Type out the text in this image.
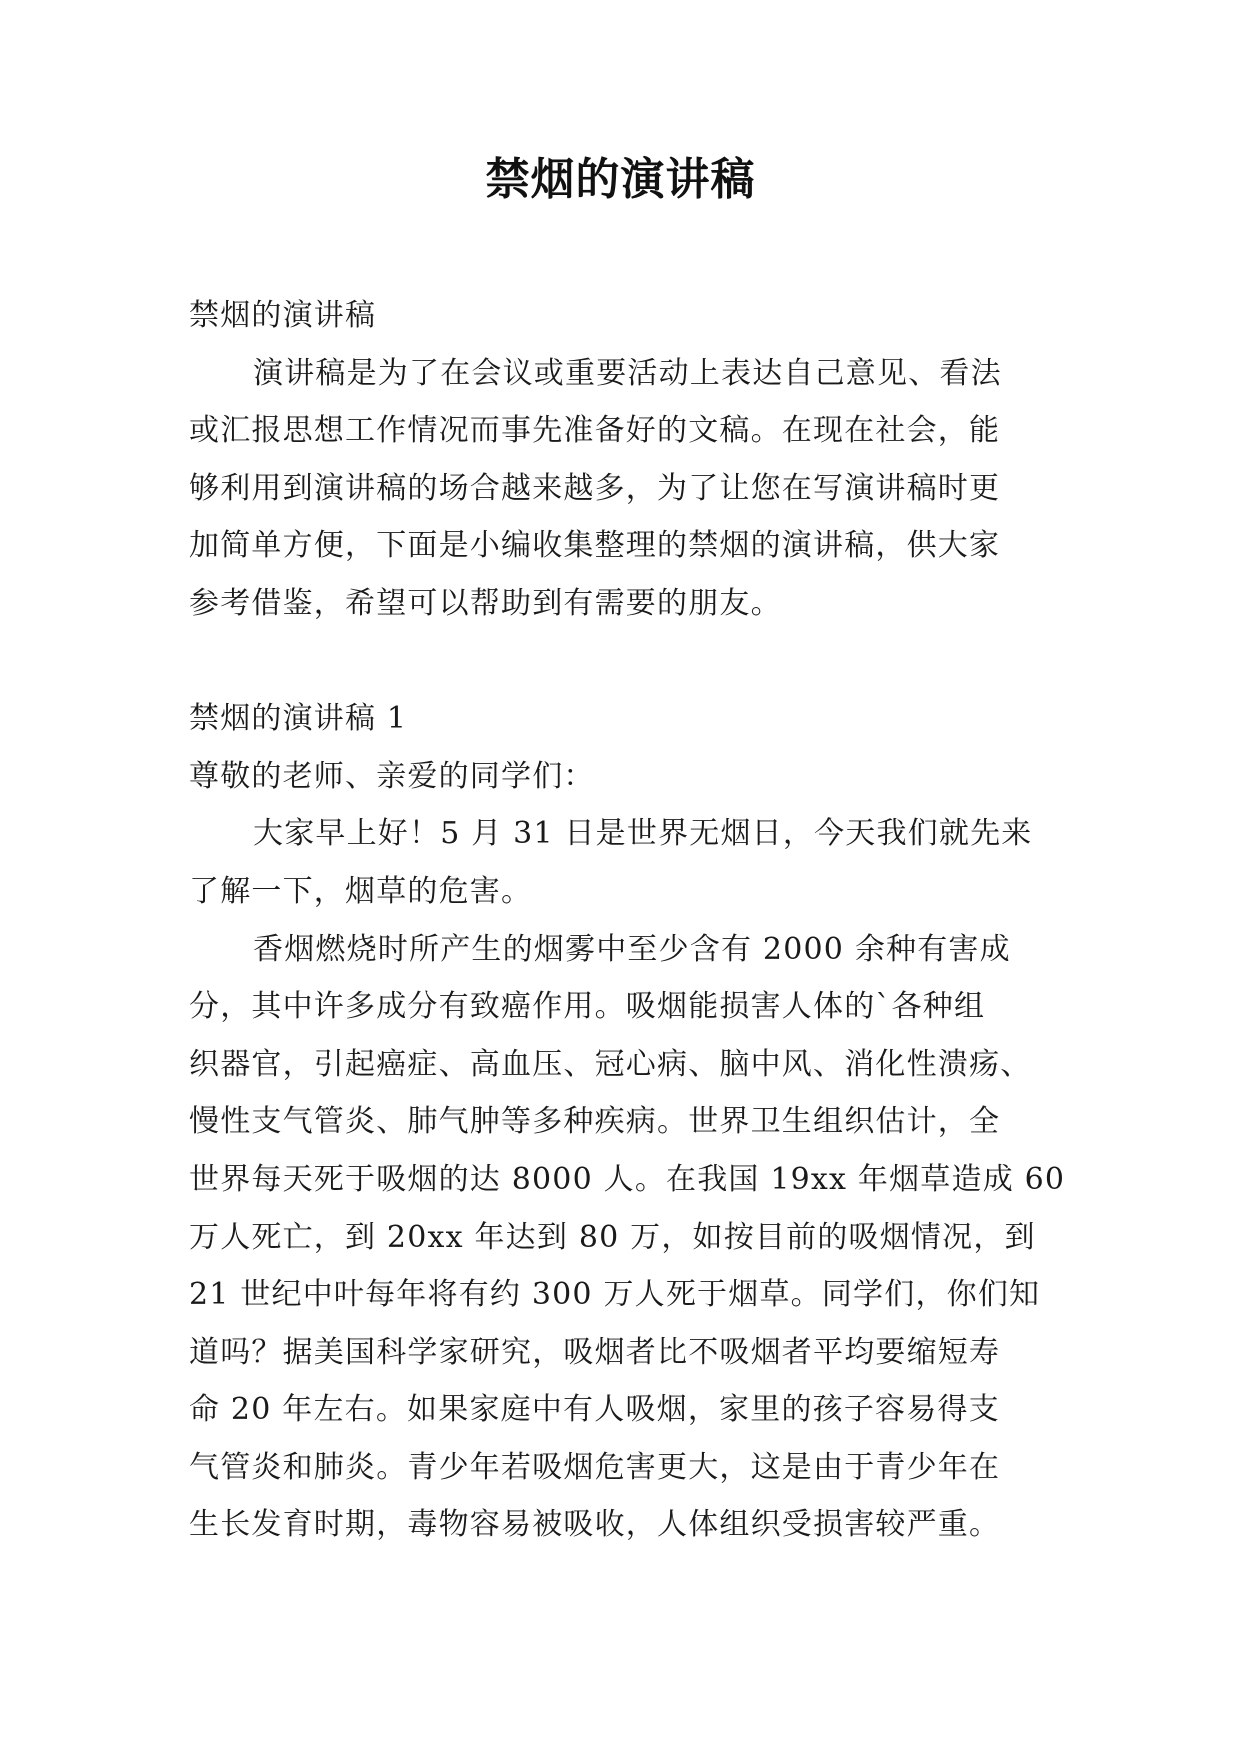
禁烟的演讲稿
禁烟的演讲稿
演讲稿是为了在会议或重要活动上表达自己意见、看法
或汇报思想工作情况而事先准备好的文稿。在现在社会，能
够利用到演讲稿的场合越来越多，为了让您在写演讲稿时更
加简单方便，下面是小编收集整理的禁烟的演讲稿，供大家
参考借鉴，希望可以帮助到有需要的朋友。
禁烟的演讲稿 1
尊敬的老师、亲爱的同学们：
大家早上好！5 月 31 日是世界无烟日，今天我们就先来
了解一下，烟草的危害。
香烟燃烧时所产生的烟雾中至少含有 2000 余种有害成
分，其中许多成分有致癌作用。吸烟能损害人体的`各种组
织器官，引起癌症、高血压、冠心病、脑中风、消化性溃疡、
慢性支气管炎、肺气肿等多种疾病。世界卫生组织估计，全
世界每天死于吸烟的达 8000 人。在我国 19xx 年烟草造成 60
万人死亡，到 20xx 年达到 80 万，如按目前的吸烟情况，到
21 世纪中叶每年将有约 300 万人死于烟草。同学们，你们知
道吗？据美国科学家研究，吸烟者比不吸烟者平均要缩短寿
命 20 年左右。如果家庭中有人吸烟，家里的孩子容易得支
气管炎和肺炎。青少年若吸烟危害更大，这是由于青少年在
生长发育时期，毒物容易被吸收，人体组织受损害较严重。
